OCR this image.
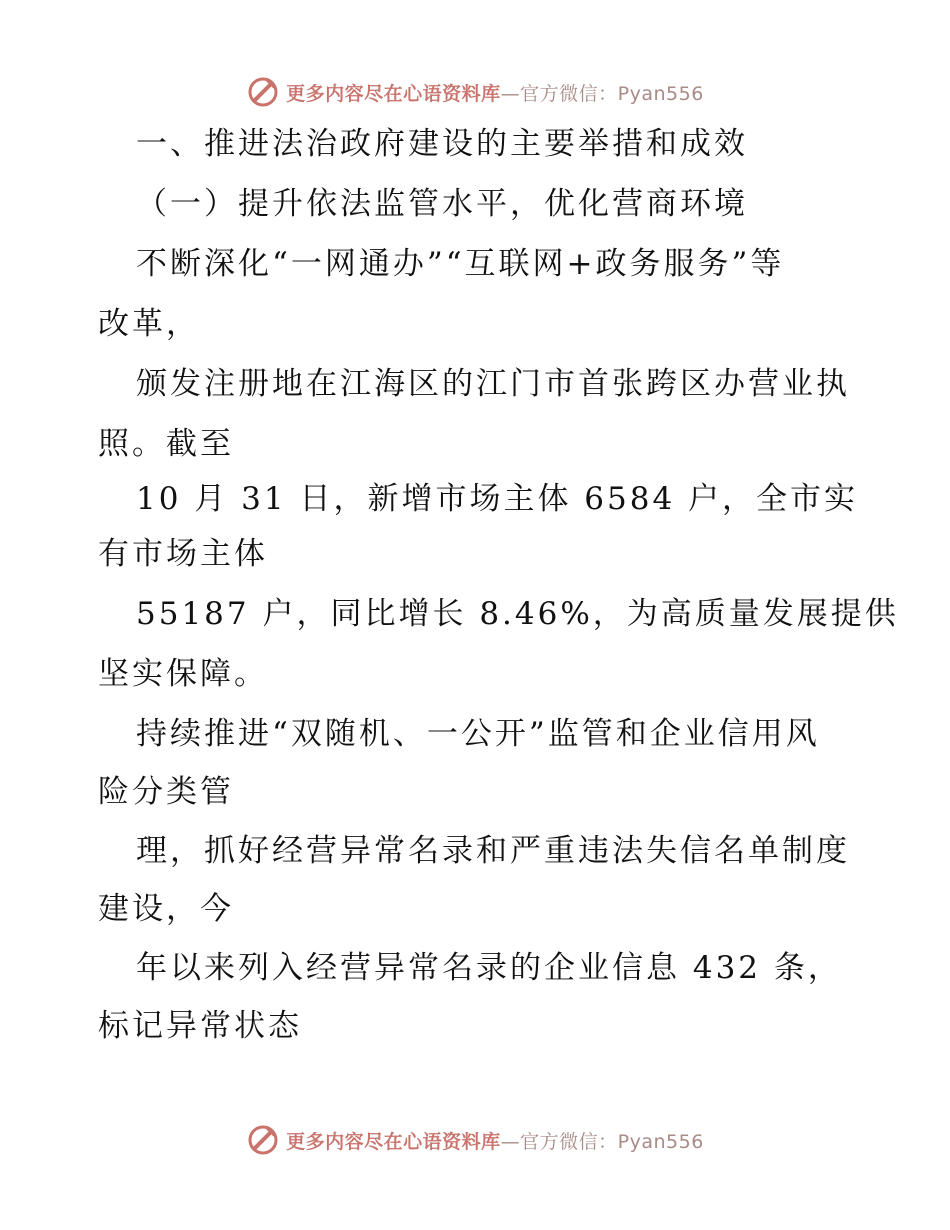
更多内容尽在心语资料库—官方微信：Pyan556
一、推进法治政府建设的主要举措和成效
（一）提升依法监管水平，优化营商环境
不断深化“一网通办”“互联网+政务服务”等
改革，
颁发注册地在江海区的江门市首张跨区办营业执
照。截至
10 月 31 日，新增市场主体 6584 户，全市实
有市场主体
55187 户，同比增长 8.46%，为高质量发展提供
坚实保障。
持续推进“双随机、一公开”监管和企业信用风
险分类管
理，抓好经营异常名录和严重违法失信名单制度
建设，今
年以来列入经营异常名录的企业信息 432 条，
标记异常状态
更多内容尽在心语资料库—官方微信：Pyan556
